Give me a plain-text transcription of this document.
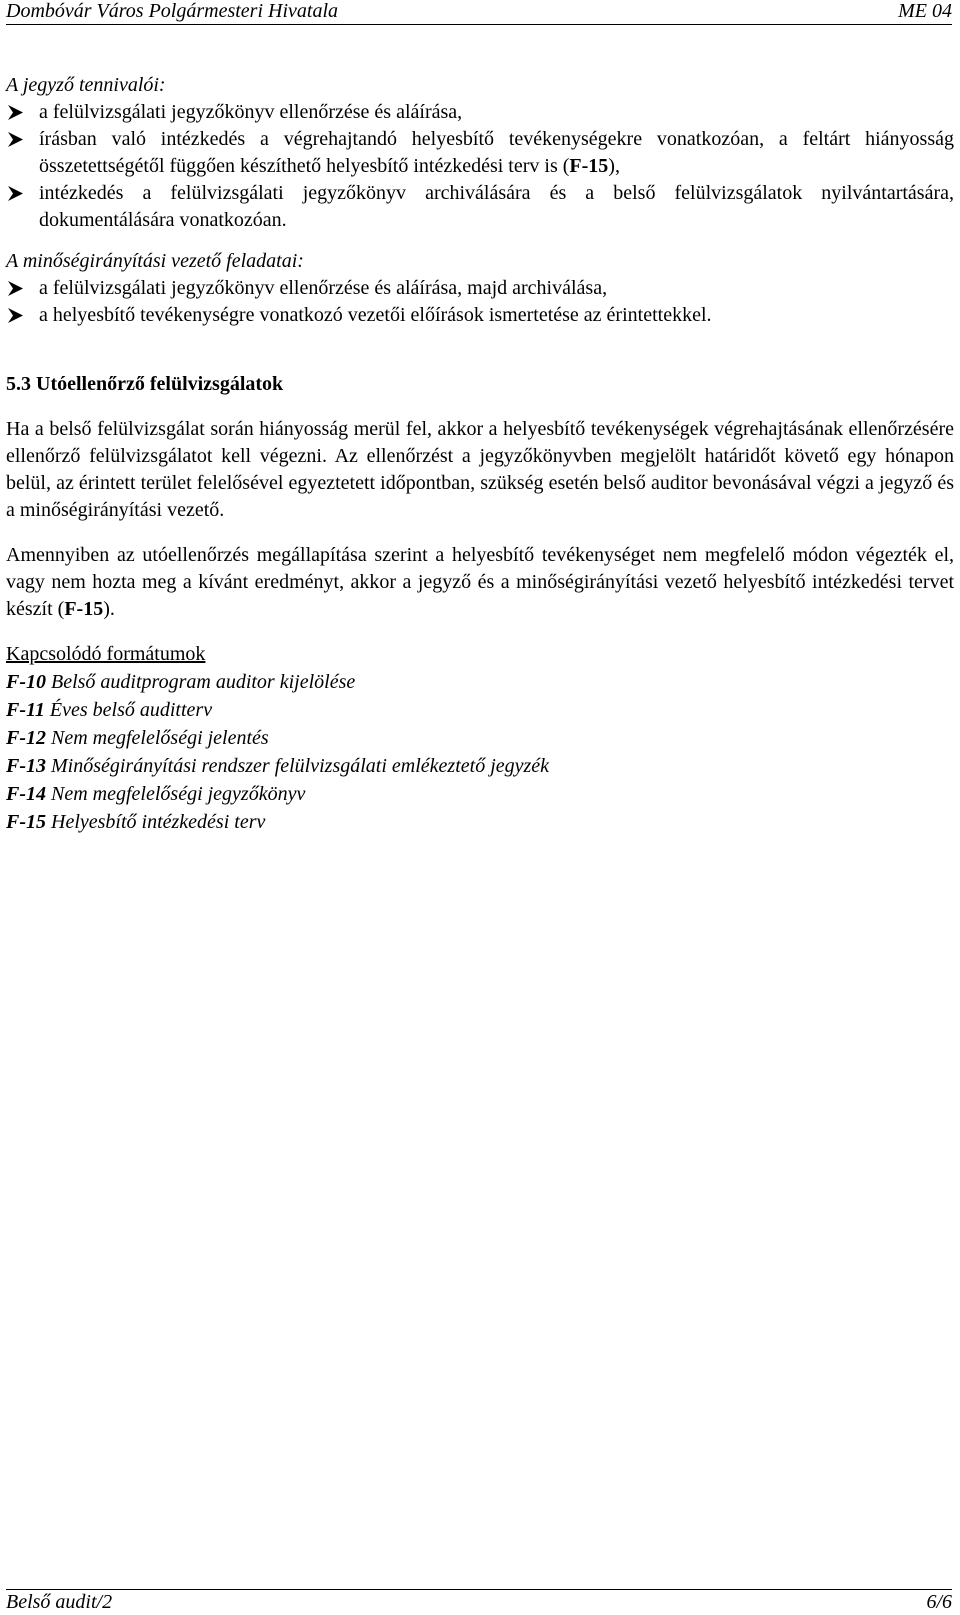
Dombóvár Város Polgármesteri Hivatala	ME 04

A jegyző tennivalói:

a felülvizsgálati jegyzőkönyv ellenőrzése és aláírása,
írásban való intézkedés a végrehajtandó helyesbítő tevékenységekre vonatkozóan, a feltárt hiányosság összetettségétől függően készíthető helyesbítő intézkedési terv is (F-15),
intézkedés a felülvizsgálati jegyzőkönyv archiválására és a belső felülvizsgálatok nyilvántartására, dokumentálására vonatkozóan.

A minőségirányítási vezető feladatai:

a felülvizsgálati jegyzőkönyv ellenőrzése és aláírása, majd archiválása,
a helyesbítő tevékenységre vonatkozó vezetői előírások ismertetése az érintettekkel.
5.3 Utóellenőrző felülvizsgálatok

Ha a belső felülvizsgálat során hiányosság merül fel, akkor a helyesbítő tevékenységek végrehajtásának ellenőrzésére ellenőrző felülvizsgálatot kell végezni. Az ellenőrzést a jegyzőkönyvben megjelölt határidőt követő egy hónapon belül, az érintett terület felelősével egyeztetett időpontban, szükség esetén belső auditor bevonásával végzi a jegyző és a minőségirányítási vezető.

Amennyiben az utóellenőrzés megállapítása szerint a helyesbítő tevékenységet nem megfelelő módon végezték el, vagy nem hozta meg a kívánt eredményt, akkor a jegyző és a minőségirányítási vezető helyesbítő intézkedési tervet készít (F-15).

Kapcsolódó formátumok

F-10 Belső auditprogram auditor kijelölése
F-11 Éves belső auditterv
F-12 Nem megfelelőségi jelentés
F-13 Minőségirányítási rendszer felülvizsgálati emlékeztető jegyzék
F-14 Nem megfelelőségi jegyzőkönyv
F-15 Helyesbítő intézkedési terv
Belső audit/2	6/6
